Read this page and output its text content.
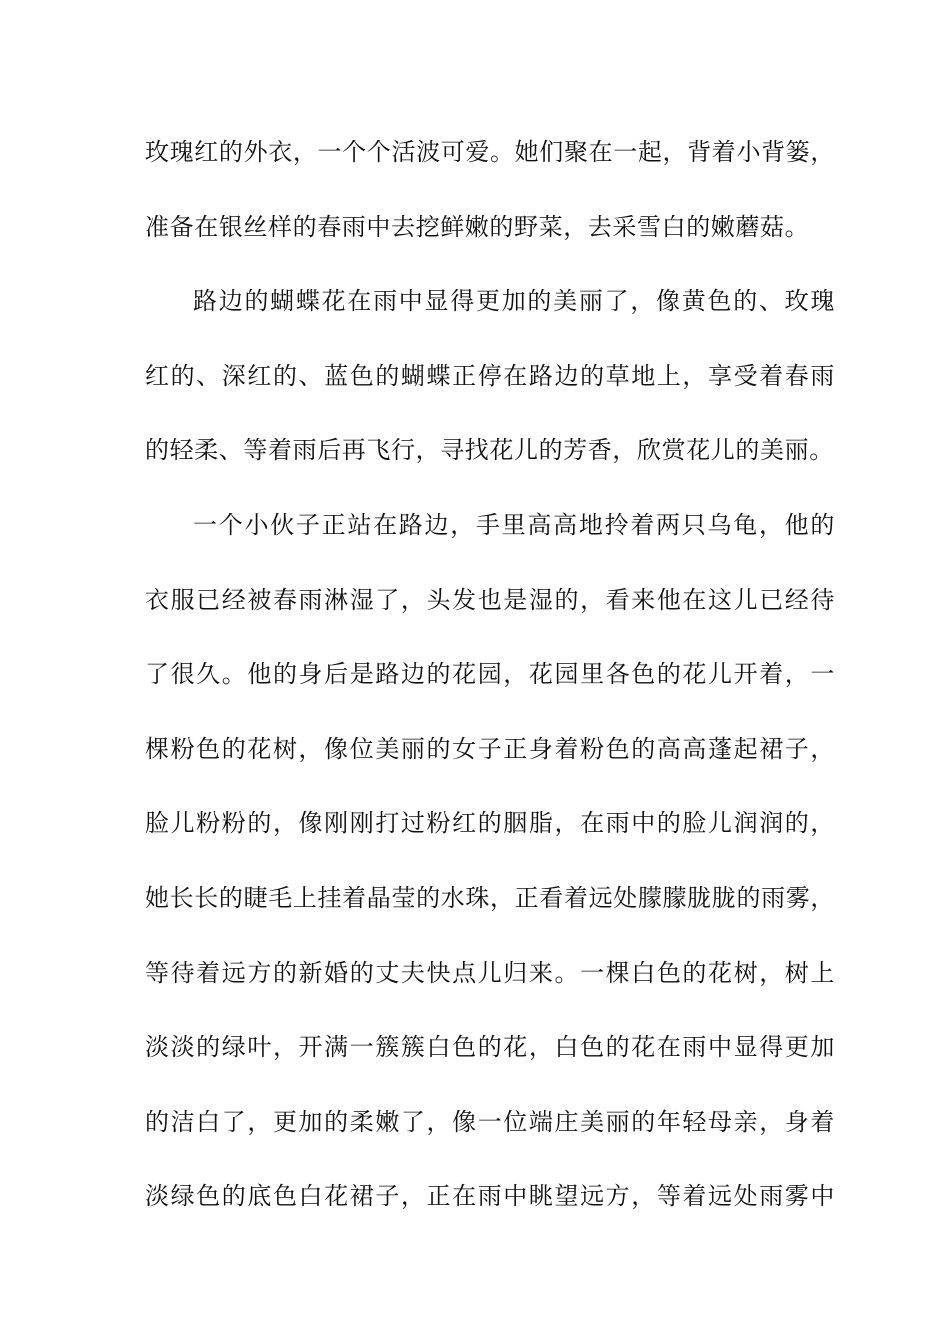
玫瑰红的外衣，一个个活波可爱。她们聚在一起，背着小背篓，
准备在银丝样的春雨中去挖鲜嫩的野菜，去采雪白的嫩蘑菇。
路边的蝴蝶花在雨中显得更加的美丽了，像黄色的、玫瑰
红的、深红的、蓝色的蝴蝶正停在路边的草地上，享受着春雨
的轻柔、等着雨后再飞行，寻找花儿的芳香，欣赏花儿的美丽。
一个小伙子正站在路边，手里高高地拎着两只乌龟，他的
衣服已经被春雨淋湿了，头发也是湿的，看来他在这儿已经待
了很久。他的身后是路边的花园，花园里各色的花儿开着，一
棵粉色的花树，像位美丽的女子正身着粉色的高高蓬起裙子，
脸儿粉粉的，像刚刚打过粉红的胭脂，在雨中的脸儿润润的，
她长长的睫毛上挂着晶莹的水珠，正看着远处朦朦胧胧的雨雾，
等待着远方的新婚的丈夫快点儿归来。一棵白色的花树，树上
淡淡的绿叶，开满一簇簇白色的花，白色的花在雨中显得更加
的洁白了，更加的柔嫩了，像一位端庄美丽的年轻母亲，身着
淡绿色的底色白花裙子，正在雨中眺望远方，等着远处雨雾中
